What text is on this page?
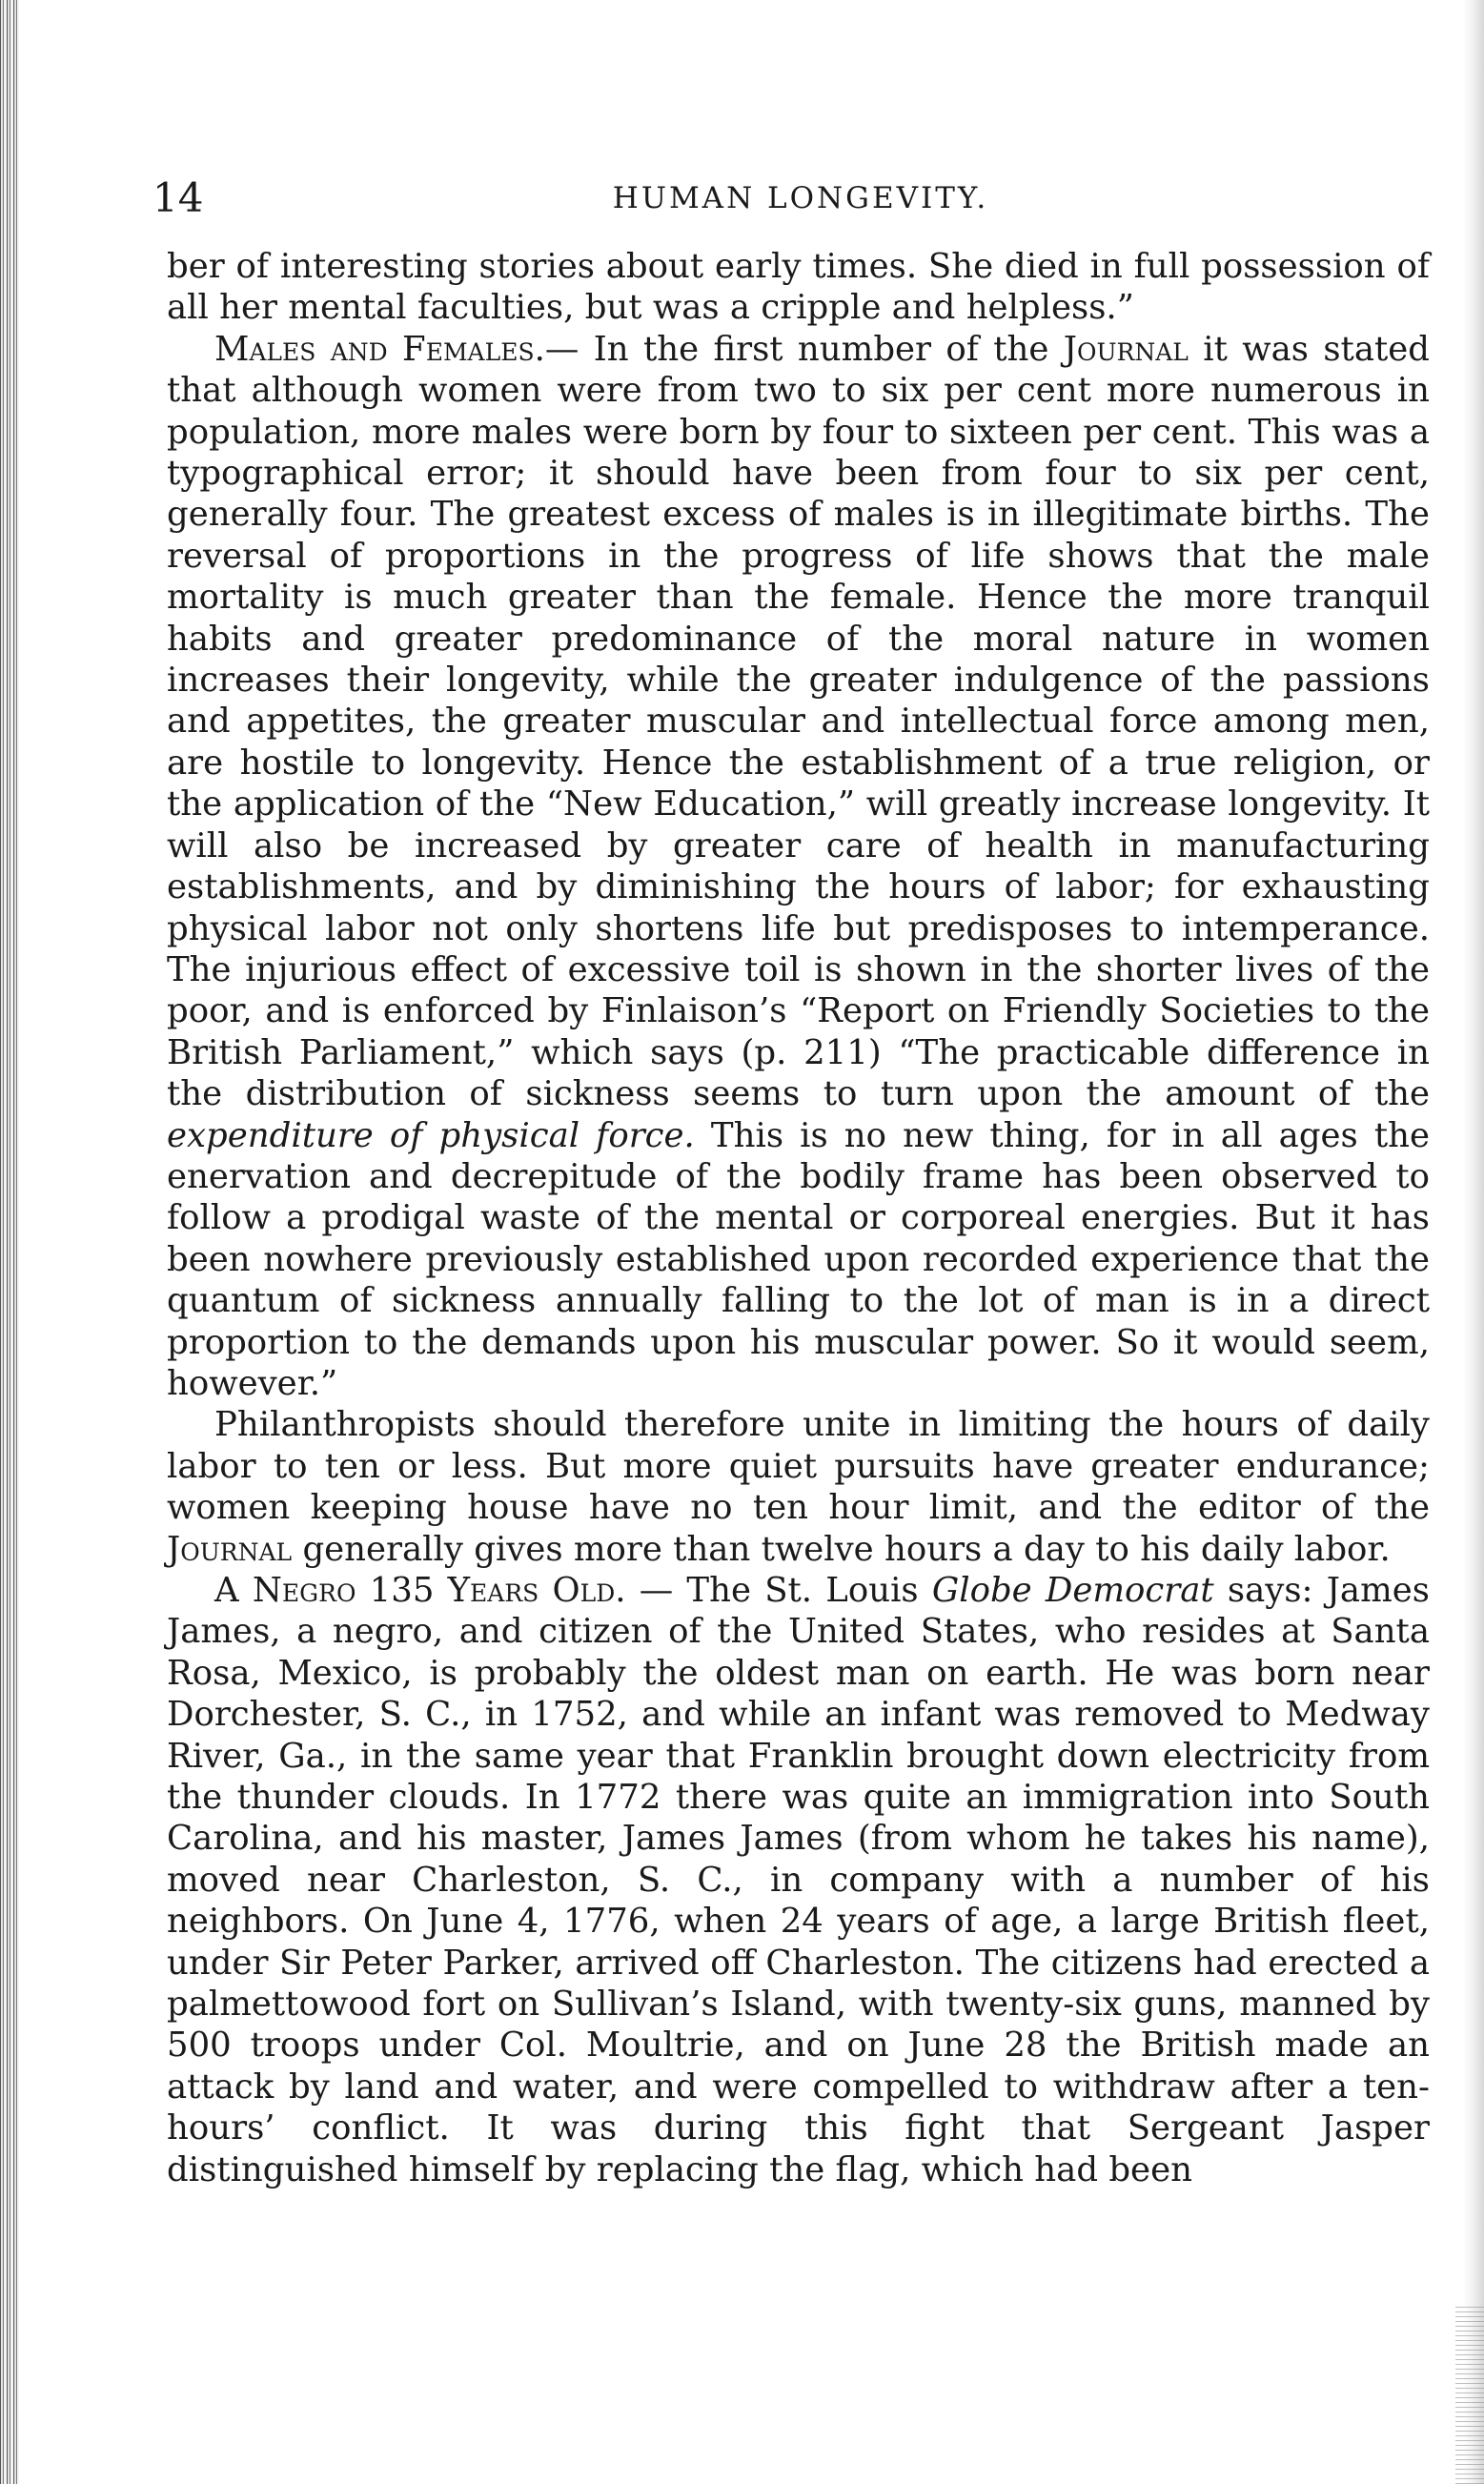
14	HUMAN LONGEVITY.

ber of interesting stories about early times. She died in full possession of all her mental faculties, but was a cripple and helpless.”

Males and Females.— In the first number of the Journal it was stated that although women were from two to six per cent more numerous in population, more males were born by four to sixteen per cent. This was a typographical error; it should have been from four to six per cent, generally four. The greatest excess of males is in illegitimate births. The reversal of proportions in the progress of life shows that the male mortality is much greater than the female. Hence the more tranquil habits and greater predominance of the moral nature in women increases their longevity, while the greater indulgence of the passions and appetites, the greater muscular and intellectual force among men, are hostile to longevity. Hence the establishment of a true religion, or the application of the “New Education,” will greatly increase longevity. It will also be increased by greater care of health in manufacturing establishments, and by diminishing the hours of labor; for exhausting physical labor not only shortens life but predisposes to intemperance. The injurious effect of excessive toil is shown in the shorter lives of the poor, and is enforced by Finlaison’s “Report on Friendly Societies to the British Parliament,” which says (p. 211) “The practicable difference in the distribution of sickness seems to turn upon the amount of the expenditure of physical force. This is no new thing, for in all ages the enervation and decrepitude of the bodily frame has been observed to follow a prodigal waste of the mental or corporeal energies. But it has been nowhere previously established upon recorded experience that the quantum of sickness annually falling to the lot of man is in a direct proportion to the demands upon his muscular power. So it would seem, however.”

Philanthropists should therefore unite in limiting the hours of daily labor to ten or less. But more quiet pursuits have greater endurance; women keeping house have no ten hour limit, and the editor of the Journal generally gives more than twelve hours a day to his daily labor.

A Negro 135 Years Old. — The St. Louis Globe Democrat says: James James, a negro, and citizen of the United States, who resides at Santa Rosa, Mexico, is probably the oldest man on earth. He was born near Dorchester, S. C., in 1752, and while an infant was removed to Medway River, Ga., in the same year that Franklin brought down electricity from the thunder clouds. In 1772 there was quite an immigration into South Carolina, and his master, James James (from whom he takes his name), moved near Charleston, S. C., in company with a number of his neighbors. On June 4, 1776, when 24 years of age, a large British fleet, under Sir Peter Parker, arrived off Charleston. The citizens had erected a palmettowood fort on Sullivan’s Island, with twenty-six guns, manned by 500 troops under Col. Moultrie, and on June 28 the British made an attack by land and water, and were compelled to withdraw after a ten-hours’ conflict. It was during this fight that Sergeant Jasper distinguished himself by replacing the flag, which had been
